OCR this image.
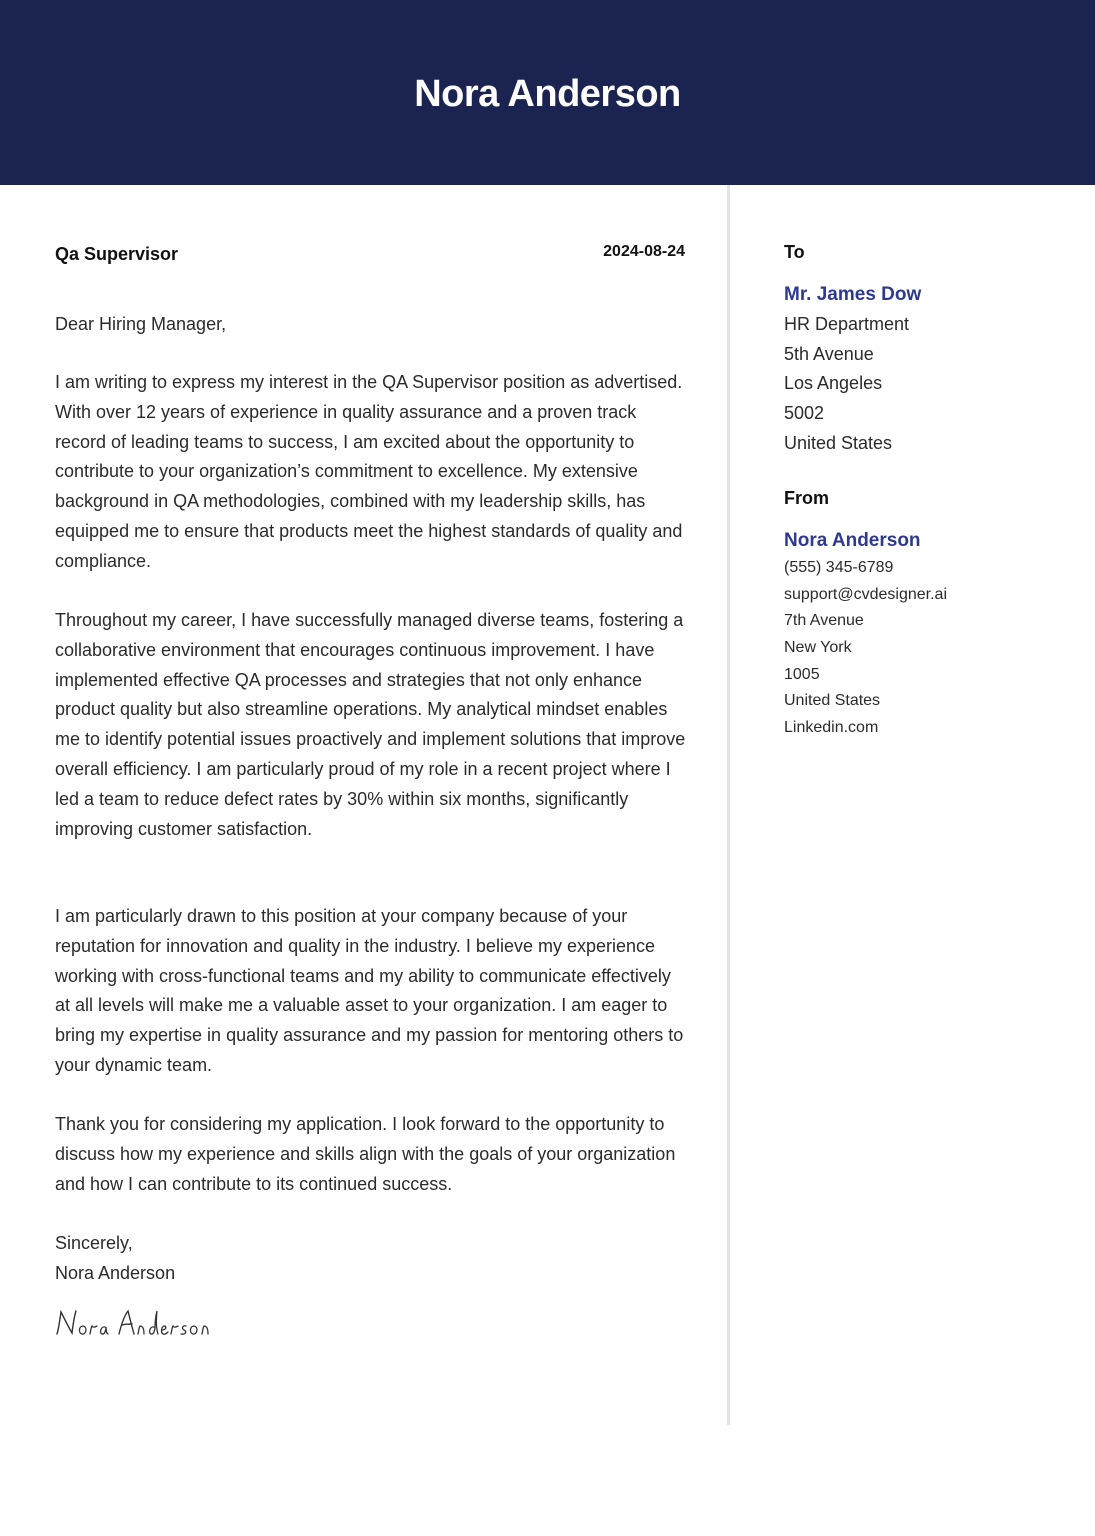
Nora Anderson
Qa Supervisor	2024-08-24

Dear Hiring Manager,

I am writing to express my interest in the QA Supervisor position as advertised. With over 12 years of experience in quality assurance and a proven track record of leading teams to success, I am excited about the opportunity to contribute to your organization’s commitment to excellence. My extensive background in QA methodologies, combined with my leadership skills, has equipped me to ensure that products meet the highest standards of quality and compliance.

Throughout my career, I have successfully managed diverse teams, fostering a collaborative environment that encourages continuous improvement. I have implemented effective QA processes and strategies that not only enhance product quality but also streamline operations. My analytical mindset enables me to identify potential issues proactively and implement solutions that improve overall efficiency. I am particularly proud of my role in a recent project where I led a team to reduce defect rates by 30% within six months, significantly improving customer satisfaction.

I am particularly drawn to this position at your company because of your reputation for innovation and quality in the industry. I believe my experience working with cross-functional teams and my ability to communicate effectively at all levels will make me a valuable asset to your organization. I am eager to bring my expertise in quality assurance and my passion for mentoring others to your dynamic team.

Thank you for considering my application. I look forward to the opportunity to discuss how my experience and skills align with the goals of your organization and how I can contribute to its continued success.

Sincerely,

Nora Anderson

To
Mr. James Dow
HR Department
5th Avenue
Los Angeles
5002
United States
From
Nora Anderson
(555) 345-6789
support@cvdesigner.ai
7th Avenue
New York
1005
United States
Linkedin.com
